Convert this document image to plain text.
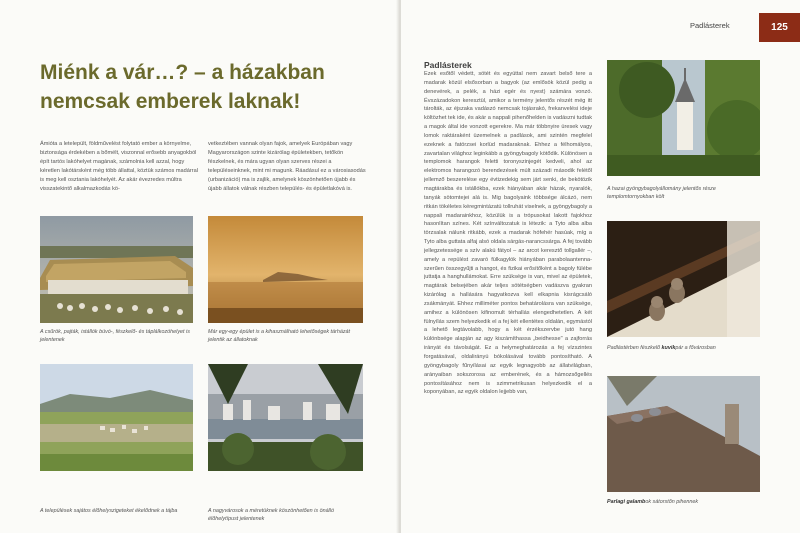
Miénk a vár…? – a házakban nemcsak emberek laknak!

Ámióta a letelepült, földművelést folytató ember a környelme, biztonsága érdekében a bőmélt, viszonnal erősebb anyagokból épít tartós lakóhelyet magának, számolnia kell azzal, hogy kéretlen lakótársként még több állattal, köztük számos madárral is meg kell osztania lakóhelyét. Az akár évezredes múltra visszatekintő alkalmazkodás kö-

vetkeztében vannak olyan fajok, amelyek Európában vagy Magyarországon szinte kizárólag épületekben, tetőkön fészkelnek, és mára ugyan olyan szerves részei a településeinknek, mint mi magunk. Ráadásul ez a városiasodás (urbanizáció) ma is zajlik, amelynek köszönhetően újabb és újabb állatok válnak részben település- és épületlakóvá is.

A csűrök, pajták, istállók búvó-, fészkelő- és táplálkozóhelyet is jelentenek

Már egy-egy épület is a kihasználható lehetőségek tárházát jelentik az állatoknak

A települések sajátos élőhelyszigeteket ékelődnek a tájba	A nagyvárosok a méretüknek köszönhetően is önálló élőhelytípust jelentenek

Padlásterek	125
Padlásterek

Ezek esőtől védett, sötét és egyúttal nem zavart belső tere a madarak közül elsősorban a bagyok (az emlősök közül pedig a denevérek, a pelék, a házi egér és nyest) számára vonzó. Évszázadokon keresztül, amikor a termény jelentős részét még itt tárolták, az éjszaka vadászó nemcsak tojásrakó, frekanvelési ideje költözhet tek ide, és akár a nappali pihenőhelden is vadászni tudtak a magok által ide vonzott egerekre. Ma már többnyire üresek vagy lomok raktáraként üzemelnek a padlások, ami szintén megfelel ezeknek a fatörzsei korlüd madaraknak. Ehhez a félhomályos, zavartalan világhoz leginkább a gyöngybagoly kötődik. Különösen a templomok harangok feletti toronyszinjegét kedveli, ahol az elektromos harangozó berendezések múlt századi második felétől jellemző beszerelése egy évtizedekig sem járt senki, de bekötözik magtárakba és istállókba, ezek hiányában akár házak, nyaralók, tanyák sötomtejei alá is. Mig bagolyaink többsége álcázó, nem ritkán tökéletes kéregmintázatú tollruhát viselnek, a gyöngybagoly a nappali madarainkhoz, közülük is a trópusokat lakott fajokhoz hasonlítan színes. Két színváltozatuk is létezik: a Tyto alba alba törzsalak nálunk ritkább, ezek a madarak hófehér hasúak, míg a Tyto alba guttata alfaj alsó oldala sárgás-narancssárga. A fej tovább jellegzetessége a szív alakú fátyol – az arcot keresztő tollgallér –, amely a repülést zavaró fülkagylók hiányában parabolaantenna-szerűen összegyűjti a hangot, és fizikai erősítőként a bagoly fülébe juttatja a hanghullámokat. Erre szüksége is van, mivel az épületek, magtárak belsejében akár teljes sötétségben vadászva gyakran kizárólag a hallására hagyatkozva kell elkapnia kisrágcsáló zsákmányát. Ehhez milliméter pontos behatárolásra van szüksége, amihez a különösen kifinomult térhallás elengedhetetlen. A két fülnyílás szem helyezkedik el a fej két ellentétes oldalán, egymástól a lehető legtávolabb, hogy a két érzékszervbe jutó hang különbsége alapján az agy kiszámíthassa „beidhesse" a zajforrás irányát és távolságát. Ez a helymeghatározás a fej vízszintes forgatásával, oldalirányú bókolásával tovább pontosítható. A gyöngybagoly fűnyílásai az egyik legnagyobb az állatvilágban, arányaiban sokszorosa az emberének, és a hámozsőgellés pontosításához nem is szimmetrikusan helyezkedik el a koponyában, az egyik oldalon lejjebb van,

A hazai gyöngybagolyállomány jelentős része templomtornyokban költ

Padlástérben fészkelő kuvikpár a fővárosban

Parlagi galambok sátorstőn pihennek
